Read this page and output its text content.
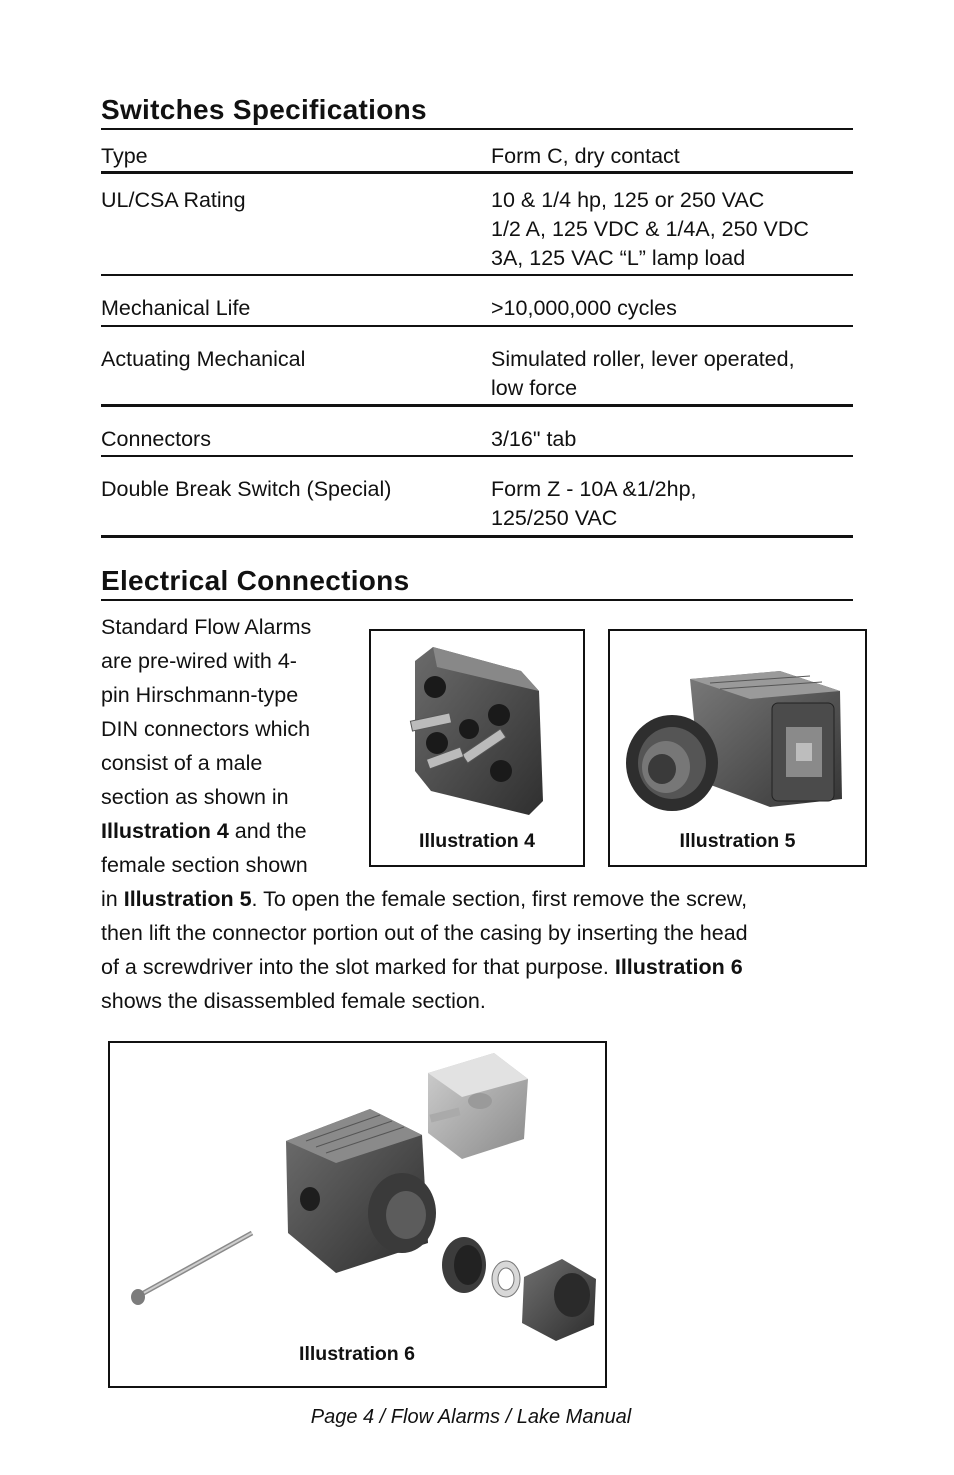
Switches Specifications
Type	Form C, dry contact
UL/CSA Rating	10 & 1/4 hp, 125 or 250 VAC
1/2 A, 125 VDC & 1/4A, 250 VDC
3A, 125 VAC “L” lamp load
Mechanical Life	>10,000,000 cycles
Actuating Mechanical	Simulated roller, lever operated,
low force
Connectors	3/16" tab
Double Break Switch (Special)	Form Z - 10A &1/2hp,
125/250 VAC
Electrical Connections
Standard Flow Alarms
are pre-wired with 4-
pin Hirschmann-type
DIN connectors which
consist of a male
section as shown in
Illustration 4 and the
female section shown
in Illustration 5. To open the female section, first remove the screw,
then lift the connector portion out of the casing by inserting the head
of a screwdriver into the slot marked for that purpose. Illustration 6
shows the disassembled female section.
Illustration 4	Illustration 5
Illustration 6
Page 4 / Flow Alarms / Lake Manual
